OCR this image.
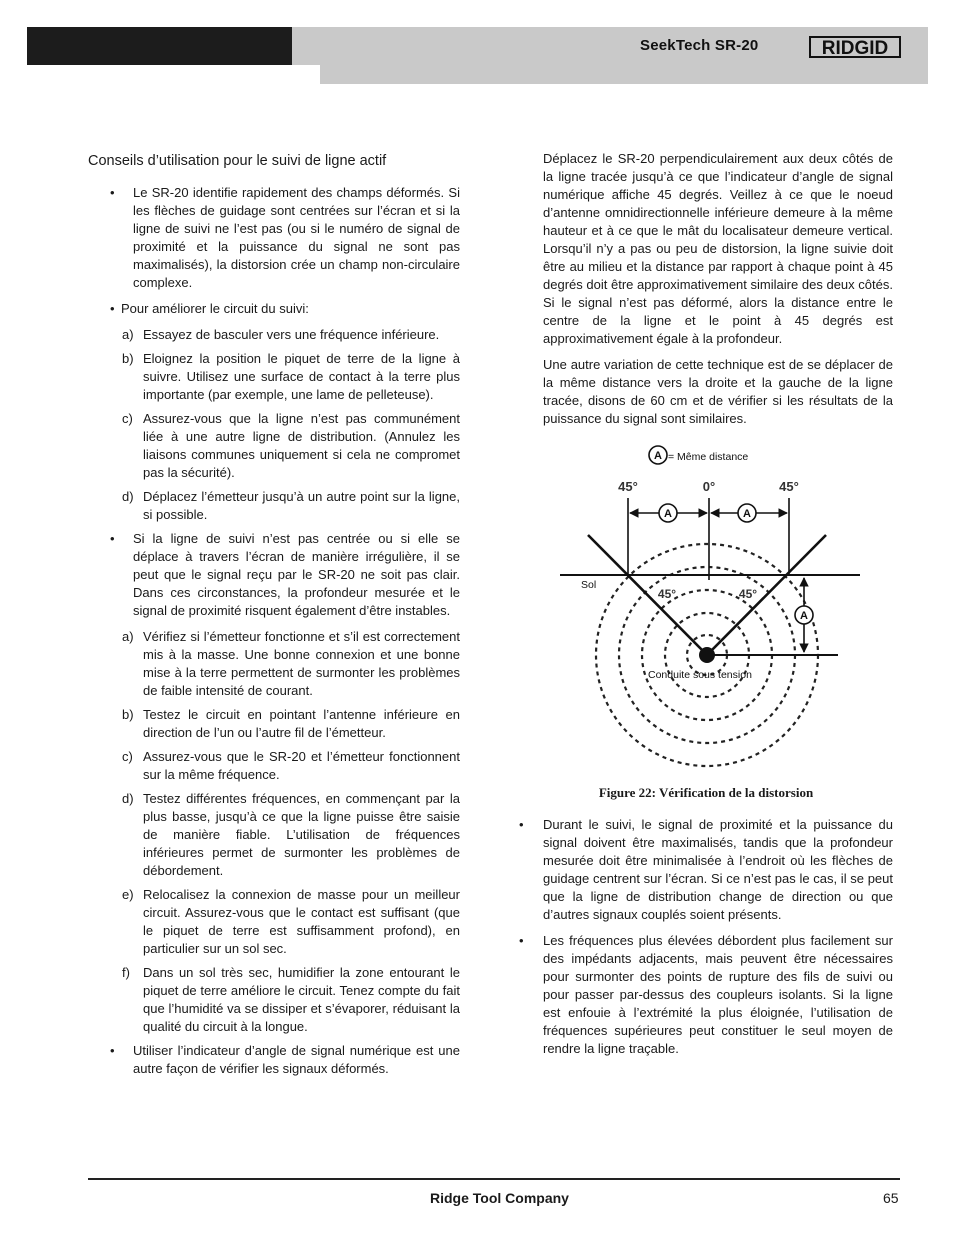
SeekTech SR-20	RIDGID
Conseils d’utilisation pour le suivi de ligne actif
• Le SR-20 identifie rapidement des champs déformés. Si les flèches de guidage sont centrées sur l’écran et si la ligne de suivi ne l’est pas (ou si le numéro de signal de proximité et la puissance du signal ne sont pas maximalisés), la distorsion crée un champ non-circulaire complexe.
• Pour améliorer le circuit du suivi:
a) Essayez de basculer vers une fréquence inférieure.
b) Eloignez la position le piquet de terre de la ligne à suivre. Utilisez une surface de contact à la terre plus importante (par exemple, une lame de pelleteuse).
c) Assurez-vous que la ligne n’est pas communément liée à une autre ligne de distribution. (Annulez les liaisons communes uniquement si cela ne compromet pas la sécurité).
d) Déplacez l’émetteur jusqu’à un autre point sur la ligne, si possible.
• Si la ligne de suivi n’est pas centrée ou si elle se déplace à travers l’écran de manière irrégulière, il se peut que le signal reçu par le SR-20 ne soit pas clair. Dans ces circonstances, la profondeur mesurée et le signal de proximité risquent également d’être instables.
a) Vérifiez si l’émetteur fonctionne et s’il est correctement mis à la masse. Une bonne connexion et une bonne mise à la terre permettent de surmonter les problèmes de faible intensité de courant.
b) Testez le circuit en pointant l’antenne inférieure en direction de l’un ou l’autre fil de l’émetteur.
c) Assurez-vous que le SR-20 et l’émetteur fonctionnent sur la même fréquence.
d) Testez différentes fréquences, en commençant par la plus basse, jusqu’à ce que la ligne puisse être saisie de manière fiable. L’utilisation de fréquences inférieures permet de surmonter les problèmes de débordement.
e) Relocalisez la connexion de masse pour un meilleur circuit. Assurez-vous que le contact est suffisant (que le piquet de terre est suffisamment profond), en particulier sur un sol sec.
f) Dans un sol très sec, humidifier la zone entourant le piquet de terre améliore le circuit. Tenez compte du fait que l’humidité va se dissiper et s’évaporer, réduisant la qualité du circuit à la longue.
• Utiliser l’indicateur d’angle de signal numérique est une autre façon de vérifier les signaux déformés.
Déplacez le SR-20 perpendiculairement aux deux côtés de la ligne tracée jusqu’à ce que l’indicateur d’angle de signal numérique affiche 45 degrés. Veillez à ce que le noeud d’antenne omnidirectionnelle inférieure demeure à la même hauteur et à ce que le mât du localisateur demeure vertical. Lorsqu’il n’y a pas ou peu de distorsion, la ligne suivie doit être au milieu et la distance par rapport à chaque point à 45 degrés doit être approximativement similaire des deux côtés. Si le signal n’est pas déformé, alors la distance entre le centre de la ligne et le point à 45 degrés est approximativement égale à la profondeur.
Une autre variation de cette technique est de se déplacer de la même distance vers la droite et la gauche de la ligne tracée, disons de 60 cm et de vérifier si les résultats de la puissance du signal sont similaires.
A = Même distance
45°	0°	45°
A	A
Sol
45°	45°
A
Conduite sous tension
Figure 22: Vérification de la distorsion
• Durant le suivi, le signal de proximité et la puissance du signal doivent être maximalisés, tandis que la profondeur mesurée doit être minimalisée à l’endroit où les flèches de guidage centrent sur l’écran. Si ce n’est pas le cas, il se peut que la ligne de distribution change de direction ou que d’autres signaux couplés soient présents.
• Les fréquences plus élevées débordent plus facilement sur des impédants adjacents, mais peuvent être nécessaires pour surmonter des points de rupture des fils de suivi ou pour passer par-dessus des coupleurs isolants. Si la ligne est enfouie à l’extrémité la plus éloignée, l’utilisation de fréquences supérieures peut constituer le seul moyen de rendre la ligne traçable.
Ridge Tool Company	65
